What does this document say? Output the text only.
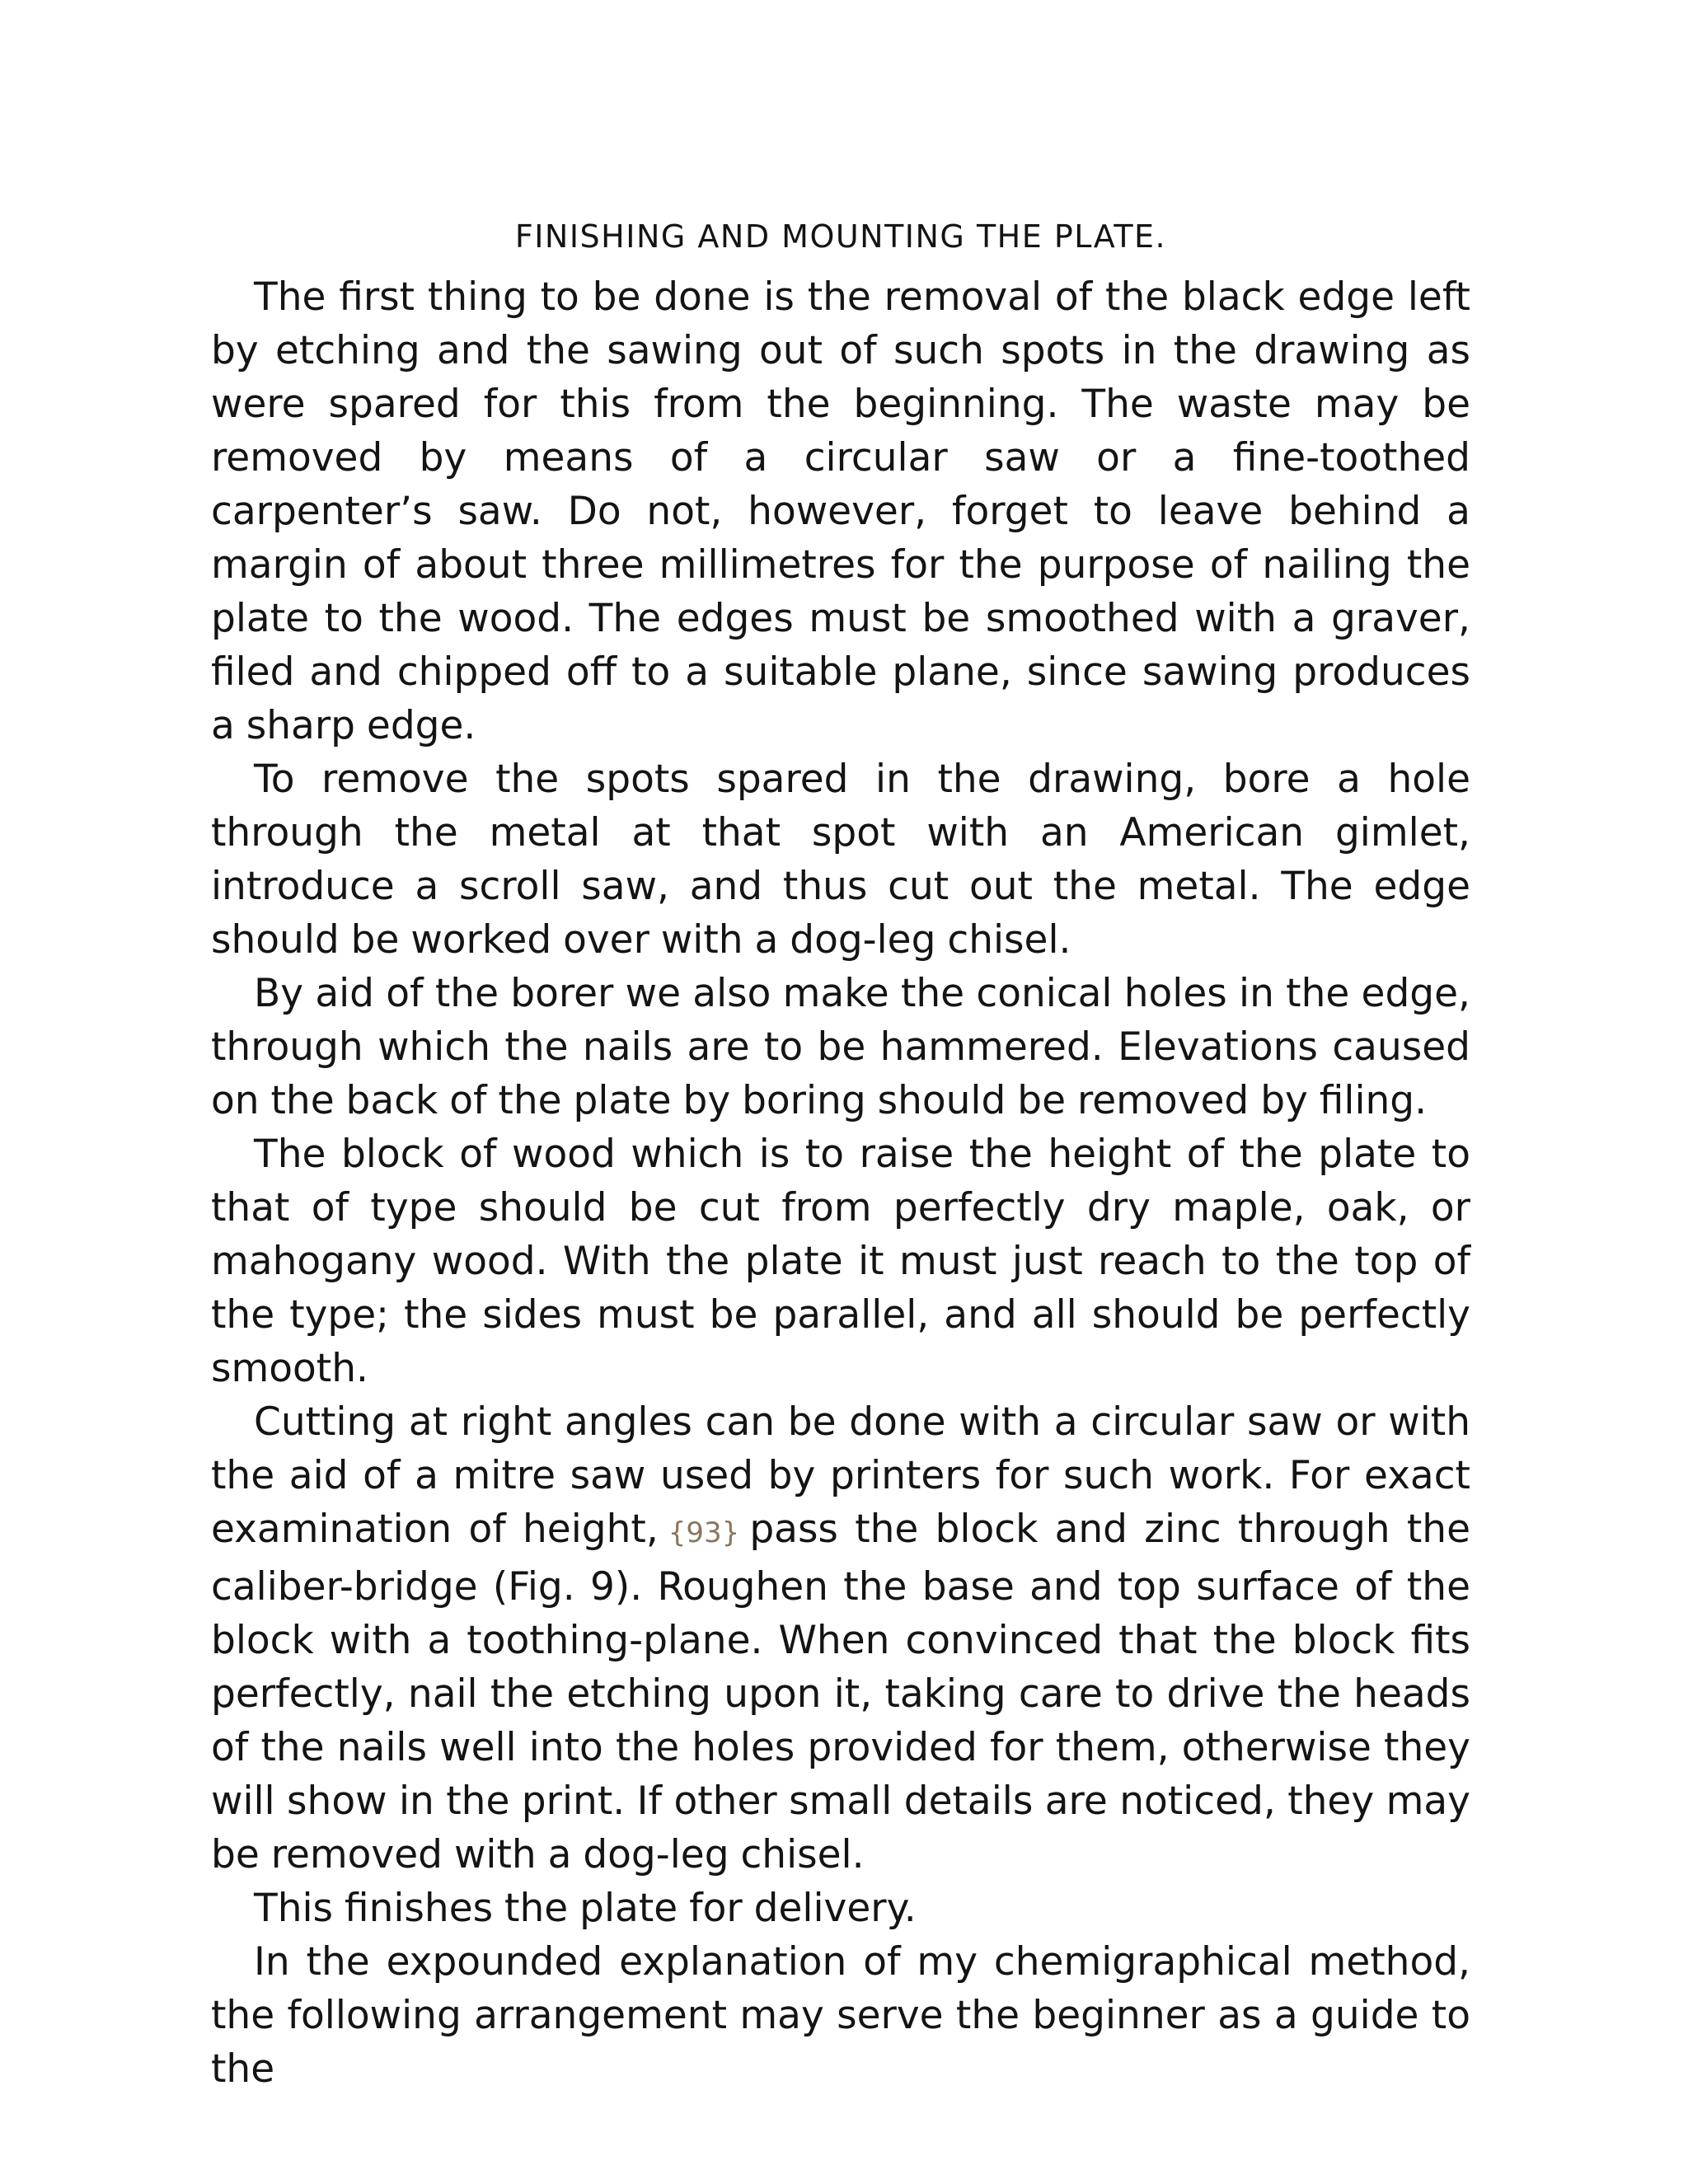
FINISHING AND MOUNTING THE PLATE.

The first thing to be done is the removal of the black edge left by etching and the sawing out of such spots in the drawing as were spared for this from the beginning. The waste may be removed by means of a circular saw or a fine-toothed carpenter’s saw. Do not, however, forget to leave behind a margin of about three millimetres for the purpose of nailing the plate to the wood. The edges must be smoothed with a graver, filed and chipped off to a suitable plane, since sawing produces a sharp edge.

To remove the spots spared in the drawing, bore a hole through the metal at that spot with an American gimlet, introduce a scroll saw, and thus cut out the metal. The edge should be worked over with a dog-leg chisel.

By aid of the borer we also make the conical holes in the edge, through which the nails are to be hammered. Elevations caused on the back of the plate by boring should be removed by filing.

The block of wood which is to raise the height of the plate to that of type should be cut from perfectly dry maple, oak, or mahogany wood. With the plate it must just reach to the top of the type; the sides must be parallel, and all should be perfectly smooth.

Cutting at right angles can be done with a circular saw or with the aid of a mitre saw used by printers for such work. For exact examination of height, {93} pass the block and zinc through the caliber-bridge (Fig. 9). Roughen the base and top surface of the block with a toothing-plane. When convinced that the block fits perfectly, nail the etching upon it, taking care to drive the heads of the nails well into the holes provided for them, otherwise they will show in the print. If other small details are noticed, they may be removed with a dog-leg chisel.

This finishes the plate for delivery.

In the expounded explanation of my chemigraphical method, the following arrangement may serve the beginner as a guide to the
